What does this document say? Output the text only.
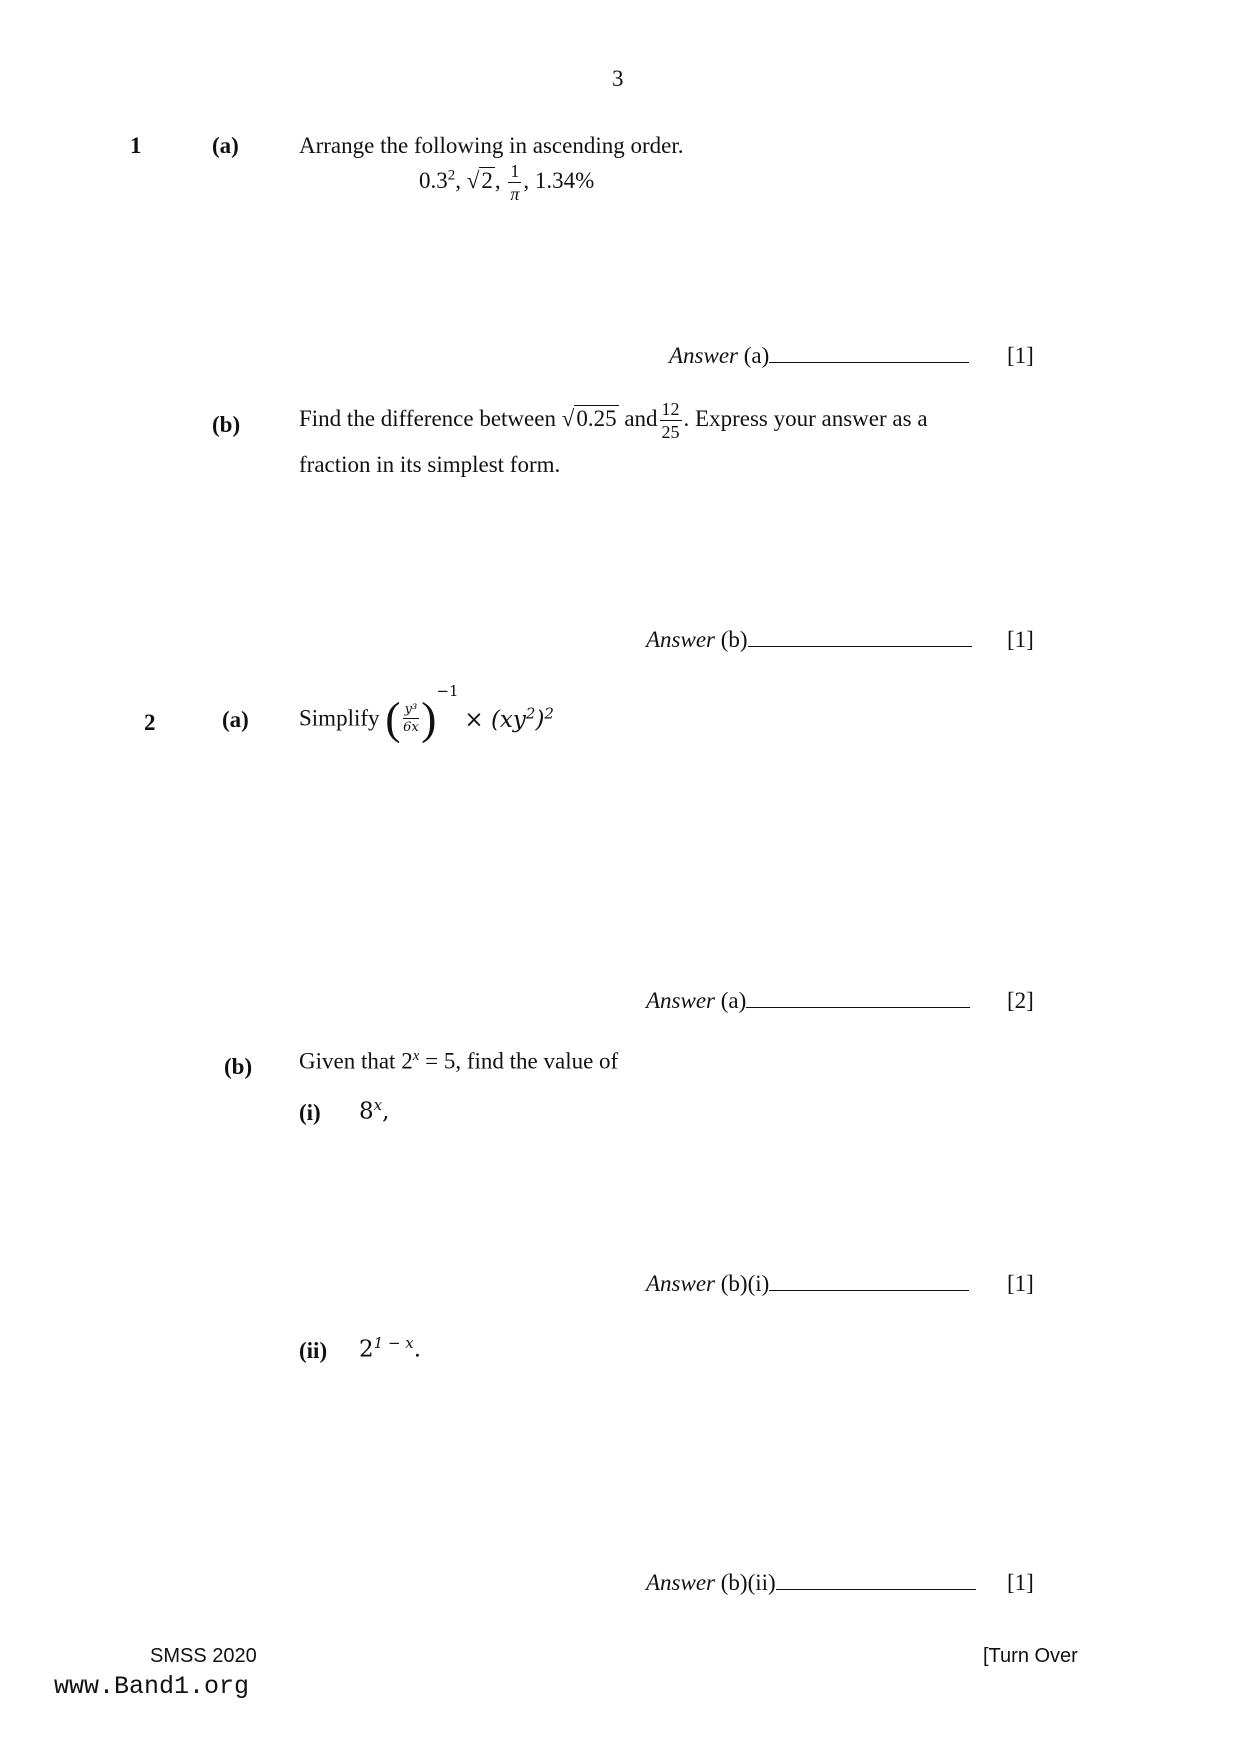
3
1	(a)	Arrange the following in ascending order.
$0.3^2$, √2, $\frac{1}{\pi}$ , 1.34%
Answer (a)	[1]
(b)	Find the difference between √0.25 and $\frac{12}{25}$ . Express your answer as a
fraction in its simplest form.
Answer (b)	[1]
2	(a) Simplify ( $\frac{\text{y³}}{6x} )^{-1} \times (xy^2)^2$
Answer (a)	[2]
(b) Given that $2^x = 5$, find the value of
(i) 8$^x$,
Answer (b)(i)	[1]
(ii) $2^{1 - x}$.
Answer (b)(ii)	[1]
SMSS 2020	[Turn Over
www.Band1.org
